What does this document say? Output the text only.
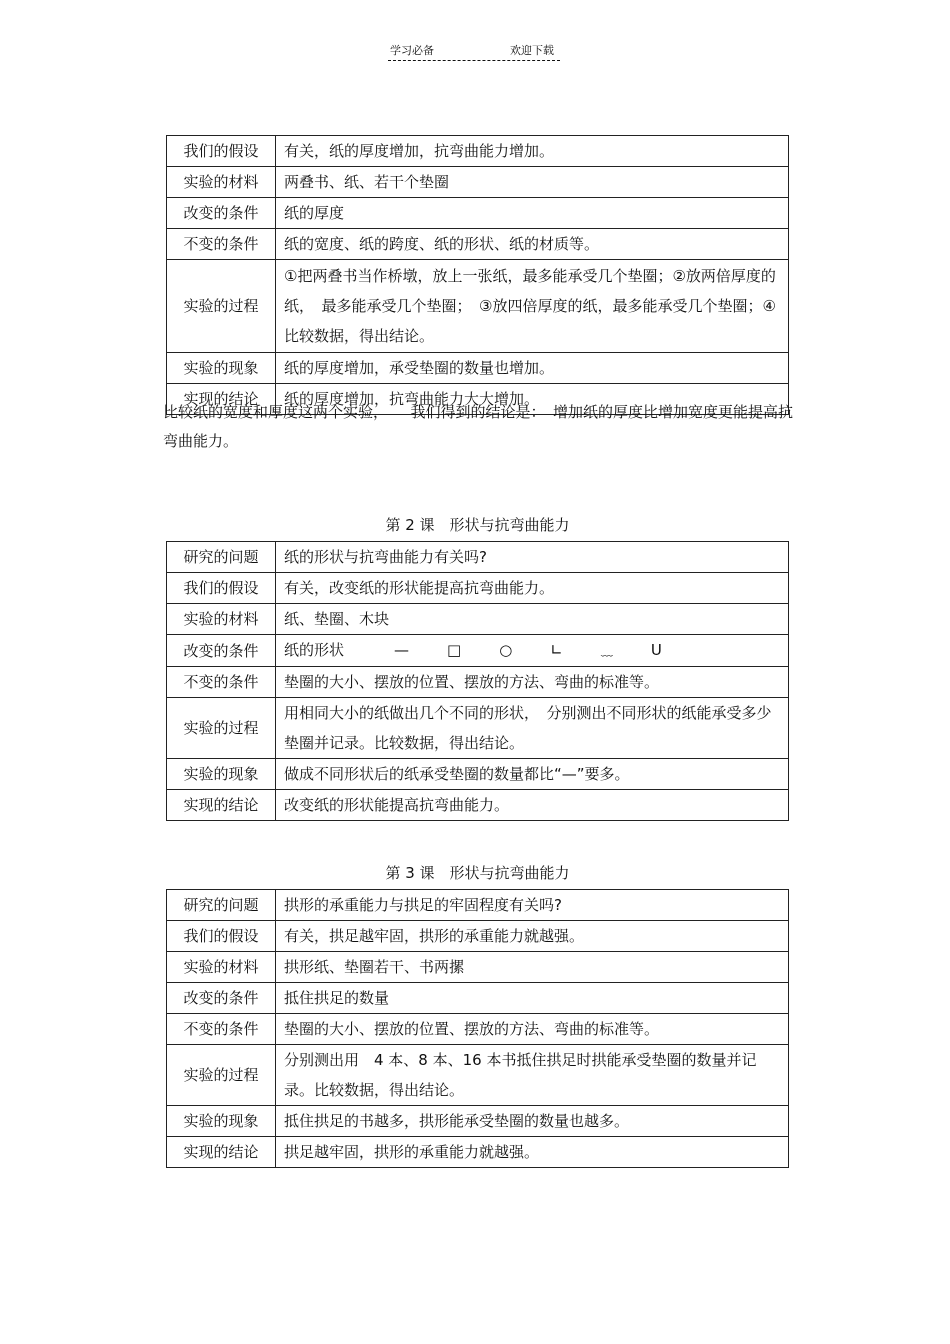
学习必备	欢迎下载
我们的假设	有关，纸的厚度增加，抗弯曲能力增加。
实验的材料	两叠书、纸、若干个垫圈
改变的条件	纸的厚度
不变的条件	纸的宽度、纸的跨度、纸的形状、纸的材质等。
实验的过程	①把两叠书当作桥墩，放上一张纸，最多能承受几个垫圈；②放两倍厚度的纸，　最多能承受几个垫圈；　③放四倍厚度的纸，最多能承受几个垫圈；④比较数据，得出结论。
实验的现象	纸的厚度增加，承受垫圈的数量也增加。
实现的结论	纸的厚度增加，抗弯曲能力大大增加。
比较纸的宽度和厚度这两个实验，　　我们得到的结论是：　增加纸的厚度比增加宽度更能提高抗弯曲能力。
第 2 课　形状与抗弯曲能力
研究的问题	纸的形状与抗弯曲能力有关吗?
我们的假设	有关，改变纸的形状能提高抗弯曲能力。
实验的材料	纸、垫圈、木块
改变的条件	纸的形状 — □ ○ ∟ ﹏ U
不变的条件	垫圈的大小、摆放的位置、摆放的方法、弯曲的标准等。
实验的过程	用相同大小的纸做出几个不同的形状，　分别测出不同形状的纸能承受多少垫圈并记录。比较数据，得出结论。
实验的现象	做成不同形状后的纸承受垫圈的数量都比“—”要多。
实现的结论	改变纸的形状能提高抗弯曲能力。
第 3 课　形状与抗弯曲能力
研究的问题	拱形的承重能力与拱足的牢固程度有关吗?
我们的假设	有关，拱足越牢固，拱形的承重能力就越强。
实验的材料	拱形纸、垫圈若干、书两摞
改变的条件	抵住拱足的数量
不变的条件	垫圈的大小、摆放的位置、摆放的方法、弯曲的标准等。
实验的过程	分别测出用　4 本、8 本、16 本书抵住拱足时拱能承受垫圈的数量并记录。比较数据，得出结论。
实验的现象	抵住拱足的书越多，拱形能承受垫圈的数量也越多。
实现的结论	拱足越牢固，拱形的承重能力就越强。
